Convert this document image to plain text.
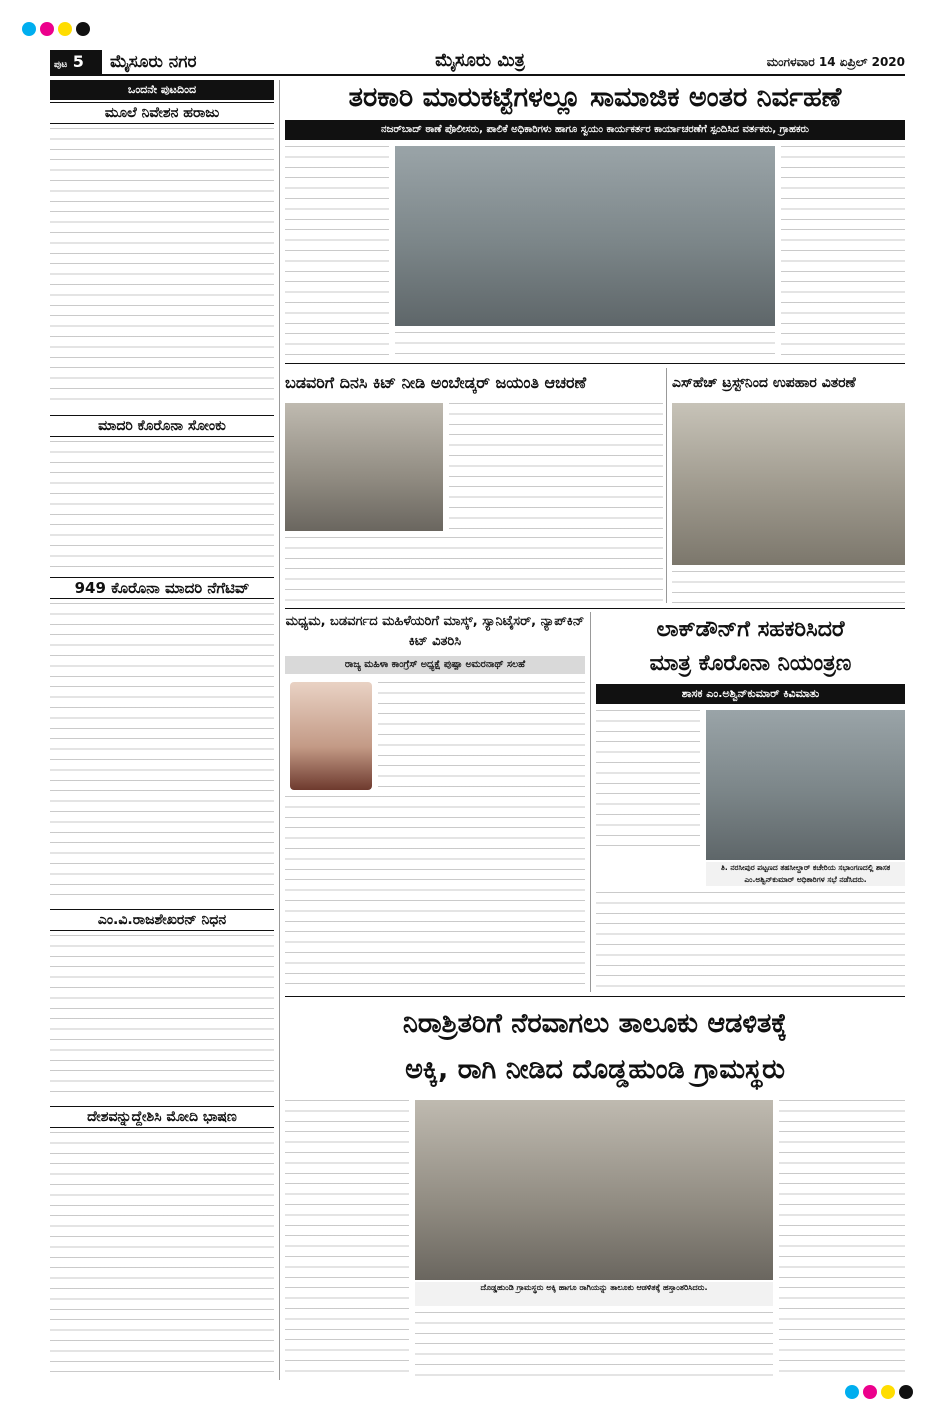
ಪುಟ 5	ಮೈಸೂರು ನಗರ	ಮೈಸೂರು ಮಿತ್ರ	ಮಂಗಳವಾರ 14 ಏಪ್ರಿಲ್ 2020
ಒಂದನೇ ಪುಟದಿಂದ
ಮೂಲೆ ನಿವೇಶನ ಹರಾಜು
ಮಾದರಿ ಕೊರೊನಾ ಸೋಂಕು
949 ಕೊರೊನಾ ಮಾದರಿ ನೆಗೆಟಿವ್
ಎಂ.ವಿ.ರಾಜಶೇಖರನ್ ನಿಧನ
ದೇಶವನ್ನುದ್ದೇಶಿಸಿ ಮೋದಿ ಭಾಷಣ
ತರಕಾರಿ ಮಾರುಕಟ್ಟೆಗಳಲ್ಲೂ ಸಾಮಾಜಿಕ ಅಂತರ ನಿರ್ವಹಣೆ
ನಜರ್‌ಬಾದ್ ಠಾಣೆ ಪೊಲೀಸರು, ಪಾಲಿಕೆ ಅಧಿಕಾರಿಗಳು ಹಾಗೂ ಸ್ವಯಂ ಕಾರ್ಯಕರ್ತರ ಕಾರ್ಯಾಚರಣೆಗೆ ಸ್ಪಂದಿಸಿದ ವರ್ತಕರು, ಗ್ರಾಹಕರು
ಬಡವರಿಗೆ ದಿನಸಿ ಕಿಟ್ ನೀಡಿ ಅಂಬೇಡ್ಕರ್ ಜಯಂತಿ ಆಚರಣೆ	ಎಸ್‌ಹೆಚ್ ಟ್ರಸ್ಟ್‌ನಿಂದ ಉಪಹಾರ ವಿತರಣೆ
ಮಧ್ಯಮ, ಬಡವರ್ಗದ ಮಹಿಳೆಯರಿಗೆ ಮಾಸ್ಕ್, ಸ್ಯಾನಿಟೈಸರ್, ನ್ಯಾಪ್‌ಕಿನ್ ಕಿಟ್ ವಿತರಿಸಿ
ರಾಜ್ಯ ಮಹಿಳಾ ಕಾಂಗ್ರೆಸ್ ಅಧ್ಯಕ್ಷೆ ಪುಷ್ಪಾ ಅಮರನಾಥ್ ಸಲಹೆ
ಲಾಕ್‌ಡೌನ್‌ಗೆ ಸಹಕರಿಸಿದರೆ
ಮಾತ್ರ ಕೊರೊನಾ ನಿಯಂತ್ರಣ
ಶಾಸಕ ಎಂ.ಅಶ್ವಿನ್‌ಕುಮಾರ್ ಕಿವಿಮಾತು
ತಿ. ನರಸೀಪುರ ಪಟ್ಟಣದ ತಹಸೀಲ್ದಾರ್ ಕಚೇರಿಯ ಸಭಾಂಗಣದಲ್ಲಿ ಶಾಸಕ ಎಂ.ಅಶ್ವಿನ್‌ಕುಮಾರ್ ಅಧಿಕಾರಿಗಳ ಸಭೆ ನಡೆಸಿದರು.
ನಿರಾಶ್ರಿತರಿಗೆ ನೆರವಾಗಲು ತಾಲೂಕು ಆಡಳಿತಕ್ಕೆ
ಅಕ್ಕಿ, ರಾಗಿ ನೀಡಿದ ದೊಡ್ಡಹುಂಡಿ ಗ್ರಾಮಸ್ಥರು
ದೊಡ್ಡಹುಂಡಿ ಗ್ರಾಮಸ್ಥರು ಅಕ್ಕಿ ಹಾಗೂ ರಾಗಿಯನ್ನು ತಾಲೂಕು ಆಡಳಿತಕ್ಕೆ ಹಸ್ತಾಂತರಿಸಿದರು.
